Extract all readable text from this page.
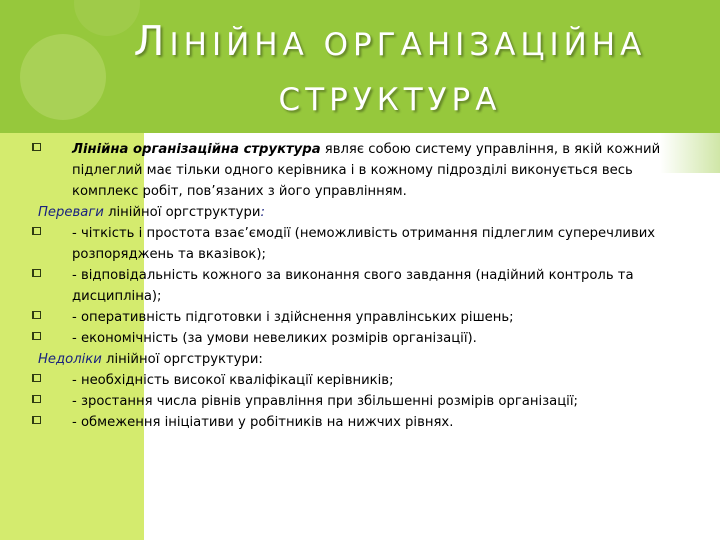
ЛІНІЙНА ОРГАНІЗАЦІЙНА
СТРУКТУРА
Лінійна організаційна структура являє собою систему управління, в якій кожний підлеглий має тільки одного керівника і в кожному підрозділі виконується весь комплекс робіт, пов’язаних з його управлінням.

Переваги лінійної оргструктури:

- чіткість і простота взає’ємодії (неможливість отримання підлеглим суперечливих розпоряджень та вказівок);
- відповідальність кожного за виконання свого завдання (надійний контроль та дисципліна);
- оперативність підготовки і здійснення управлінських рішень;
- економічність (за умови невеликих розмірів організації).

Недоліки лінійної оргструктури:

- необхідність високої кваліфікації керівників;
- зростання числа рівнів управління при збільшенні розмірів організації;
- обмеження ініціативи у робітників на нижчих рівнях.
